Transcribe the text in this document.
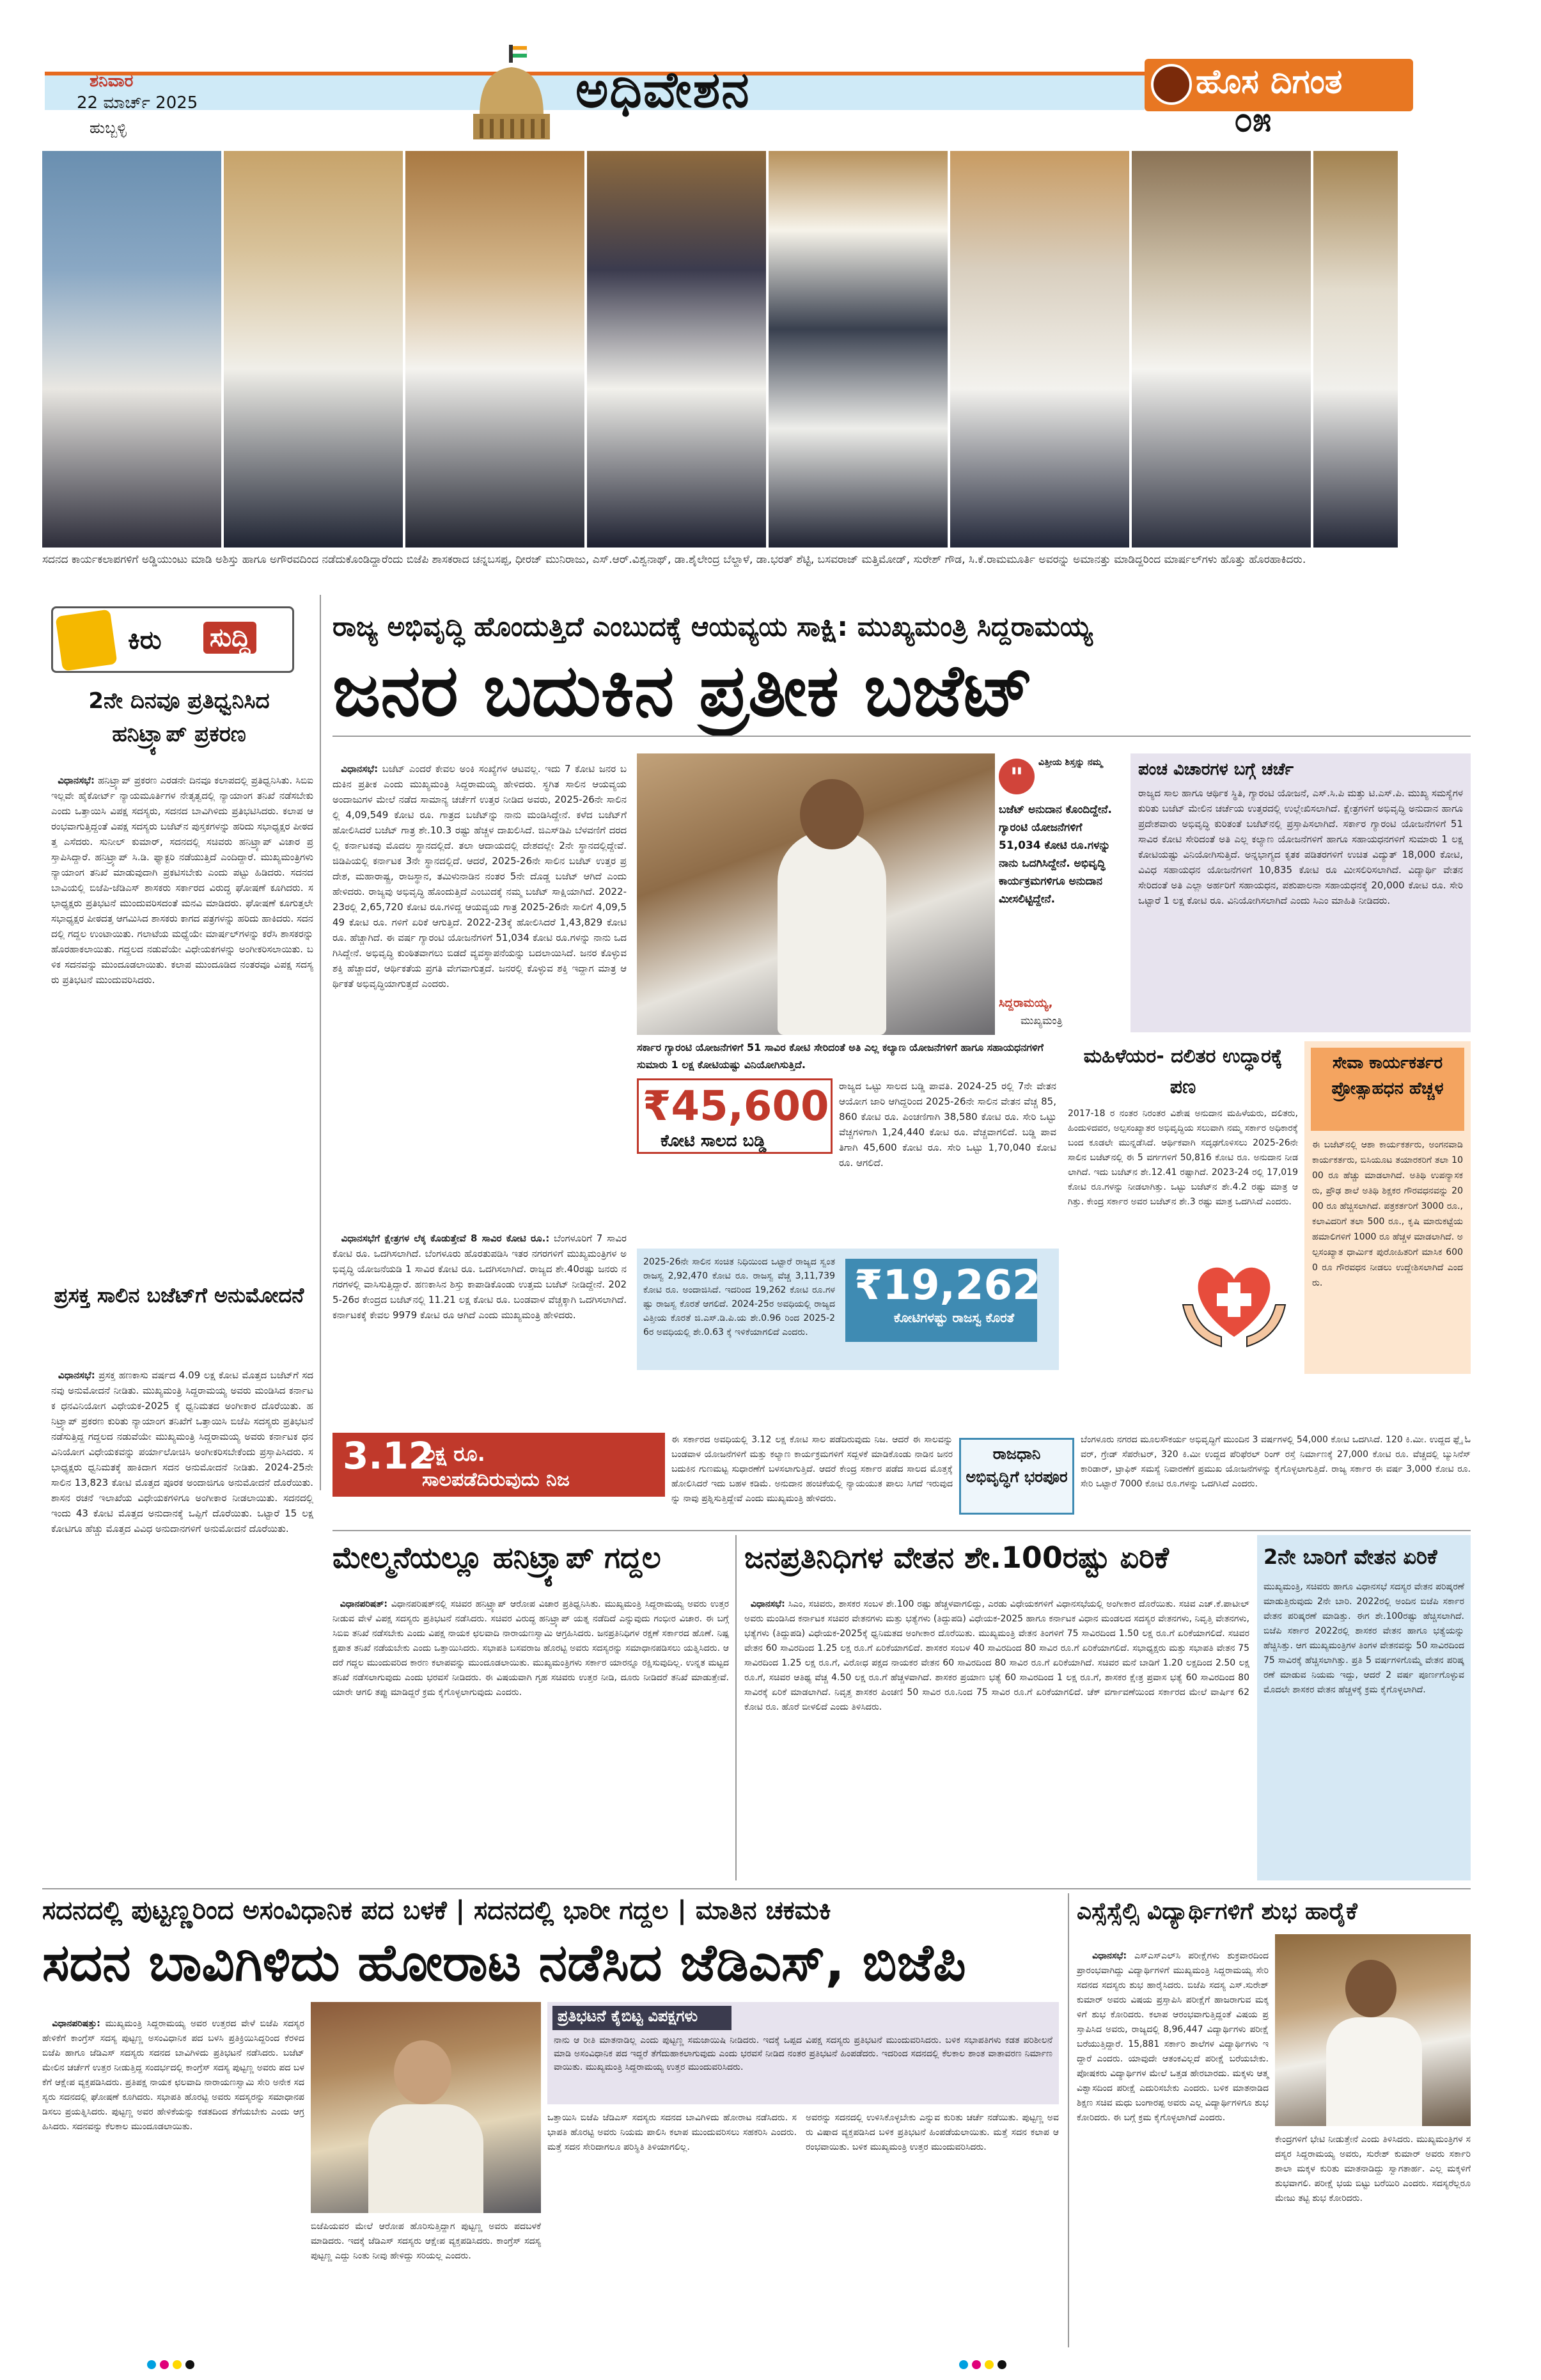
ಶನಿವಾರ
22 ಮಾರ್ಚ್ 2025
ಹುಬ್ಬಳ್ಳಿ
ಅಧಿವೇಶನ	ಹೊಸ ದಿಗಂತ
೦೫
ಸದನದ ಕಾರ್ಯಕಲಾಪಗಳಿಗೆ ಅಡ್ಡಿಯುಂಟು ಮಾಡಿ ಅಶಿಸ್ತು ಹಾಗೂ ಅಗೌರವದಿಂದ ನಡೆದುಕೊಂಡಿದ್ದಾರೆಂದು ಬಿಜೆಪಿ ಶಾಸಕರಾದ ಚನ್ನಬಸಪ್ಪ, ಧೀರಜ್ ಮುನಿರಾಜು, ಎಸ್.ಆರ್.ವಿಶ್ವನಾಥ್, ಡಾ.ಶೈಲೇಂದ್ರ ಬೆಲ್ದಾಳೆ, ಡಾ.ಭರತ್ ಶೆಟ್ಟಿ, ಬಸವರಾಜ್ ಮತ್ತಿಮೋಡ್, ಸುರೇಶ್ ಗೌಡ, ಸಿ.ಕೆ.ರಾಮಮೂರ್ತಿ ಅವರನ್ನು ಅಮಾನತ್ತು ಮಾಡಿದ್ದರಿಂದ ಮಾರ್ಷಲ್‌ಗಳು ಹೊತ್ತು ಹೊರಹಾಕಿದರು.
ಕಿರು ಸುದ್ದಿ
2ನೇ ದಿನವೂ ಪ್ರತಿಧ್ವನಿಸಿದ ಹನಿಟ್ರ್ಯಾಪ್ ಪ್ರಕರಣ

ವಿಧಾನಸಭೆ: ಹನಿಟ್ರ್ಯಾಪ್ ಪ್ರಕರಣ ಎರಡನೇ ದಿನವೂ ಕಲಾಪದಲ್ಲಿ ಪ್ರತಿಧ್ವನಿಸಿತು. ಸಿಬಿಐ ಇಲ್ಲವೇ ಹೈಕೋರ್ಟ್ ನ್ಯಾಯಮೂರ್ತಿಗಳ ನೇತೃತ್ವದಲ್ಲಿ ನ್ಯಾಯಾಂಗ ತನಿಖೆ ನಡೆಸಬೇಕು ಎಂದು ಒತ್ತಾಯಿಸಿ ವಿಪಕ್ಷ ಸದಸ್ಯರು, ಸದನದ ಬಾವಿಗಿಳಿದು ಪ್ರತಿಭಟಿಸಿದರು. ಕಲಾಪ ಆರಂಭವಾಗುತ್ತಿದ್ದಂತೆ ವಿಪಕ್ಷ ಸದಸ್ಯರು ಬಜೆಟ್‌ನ ಪುಸ್ತಕಗಳನ್ನು ಹರಿದು ಸಭಾಧ್ಯಕ್ಷರ ಪೀಠದತ್ತ ಎಸೆದರು. ಸುನೀಲ್ ಕುಮಾರ್, ಸದನದಲ್ಲಿ ಸಚಿವರು ಹನಿಟ್ರ್ಯಾಪ್ ವಿಚಾರ ಪ್ರಸ್ತಾಪಿಸಿದ್ದಾರೆ. ಹನಿಟ್ರ್ಯಾಪ್ ಸಿ.ಡಿ. ಫ್ಯಾಕ್ಟರಿ ನಡೆಯುತ್ತಿದೆ ಎಂದಿದ್ದಾರೆ. ಮುಖ್ಯಮಂತ್ರಿಗಳು ನ್ಯಾಯಾಂಗ ತನಿಖೆ ಮಾಡುವುದಾಗಿ ಪ್ರಕಟಿಸಬೇಕು ಎಂದು ಪಟ್ಟು ಹಿಡಿದರು. ಸದನದ ಬಾವಿಯಲ್ಲಿ ಬಿಜೆಪಿ-ಜೆಡಿಎಸ್ ಶಾಸಕರು ಸರ್ಕಾರದ ವಿರುದ್ಧ ಘೋಷಣೆ ಕೂಗಿದರು. ಸಭಾಧ್ಯಕ್ಷರು ಪ್ರತಿಭಟನೆ ಮುಂದುವರಿಸದಂತೆ ಮನವಿ ಮಾಡಿದರು. ಘೋಷಣೆ ಕೂಗುತ್ತಲೇ ಸಭಾಧ್ಯಕ್ಷರ ಪೀಠದತ್ತ ಆಗಮಿಸಿದ ಶಾಸಕರು ಕಾಗದ ಪತ್ರಗಳನ್ನು ಹರಿದು ಹಾಕಿದರು. ಸದನದಲ್ಲಿ ಗದ್ದಲ ಉಂಟಾಯಿತು. ಗಲಾಟೆಯ ಮಧ್ಯೆಯೇ ಮಾರ್ಷಲ್‌ಗಳನ್ನು ಕರೆಸಿ ಶಾಸಕರನ್ನು ಹೊರಹಾಕಲಾಯಿತು. ಗದ್ದಲದ ನಡುವೆಯೇ ವಿಧೇಯಕಗಳನ್ನು ಅಂಗೀಕರಿಸಲಾಯಿತು. ಬಳಿಕ ಸದನವನ್ನು ಮುಂದೂಡಲಾಯಿತು. ಕಲಾಪ ಮುಂದೂಡಿದ ನಂತರವೂ ವಿಪಕ್ಷ ಸದಸ್ಯರು ಪ್ರತಿಭಟನೆ ಮುಂದುವರಿಸಿದರು.

ಪ್ರಸಕ್ತ ಸಾಲಿನ ಬಜೆಟ್‌ಗೆ ಅನುಮೋದನೆ

ವಿಧಾನಸಭೆ: ಪ್ರಸಕ್ತ ಹಣಕಾಸು ವರ್ಷದ 4.09 ಲಕ್ಷ ಕೋಟಿ ಮೊತ್ತದ ಬಜೆಟ್‌ಗೆ ಸದನವು ಅನುಮೋದನೆ ನೀಡಿತು. ಮುಖ್ಯಮಂತ್ರಿ ಸಿದ್ದರಾಮಯ್ಯ ಅವರು ಮಂಡಿಸಿದ ಕರ್ನಾಟಕ ಧನವಿನಿಯೋಗ ವಿಧೇಯಕ-2025 ಕ್ಕೆ ಧ್ವನಿಮತದ ಅಂಗೀಕಾರ ದೊರೆಯಿತು. ಹನಿಟ್ರ್ಯಾಪ್ ಪ್ರಕರಣ ಕುರಿತು ನ್ಯಾಯಾಂಗ ತನಿಖೆಗೆ ಒತ್ತಾಯಿಸಿ ಬಿಜೆಪಿ ಸದಸ್ಯರು ಪ್ರತಿಭಟನೆ ನಡೆಸುತ್ತಿದ್ದ ಗದ್ದಲದ ನಡುವೆಯೇ ಮುಖ್ಯಮಂತ್ರಿ ಸಿದ್ದರಾಮಯ್ಯ ಅವರು ಕರ್ನಾಟಕ ಧನವಿನಿಯೋಗ ವಿಧೇಯಕವನ್ನು ಪರ್ಯಾಲೋಚಿಸಿ ಅಂಗೀಕರಿಸಬೇಕೆಂದು ಪ್ರಸ್ತಾಪಿಸಿದರು. ಸಭಾಧ್ಯಕ್ಷರು ಧ್ವನಿಮತಕ್ಕೆ ಹಾಕಿದಾಗ ಸದನ ಅನುಮೋದನೆ ನೀಡಿತು. 2024-25ನೇ ಸಾಲಿನ 13,823 ಕೋಟಿ ಮೊತ್ತದ ಪೂರಕ ಅಂದಾಜಿಗೂ ಅನುಮೋದನೆ ದೊರೆಯಿತು. ಶಾಸನ ರಚನೆ ಇಲಾಖೆಯ ವಿಧೇಯಕಗಳಿಗೂ ಅಂಗೀಕಾರ ನೀಡಲಾಯಿತು. ಸದನದಲ್ಲಿ ಇಂದು 43 ಕೋಟಿ ಮೊತ್ತದ ಅನುದಾನಕ್ಕೆ ಒಪ್ಪಿಗೆ ದೊರೆಯಿತು. ಒಟ್ಟಾರೆ 15 ಲಕ್ಷ ಕೋಟಿಗೂ ಹೆಚ್ಚು ಮೊತ್ತದ ವಿವಿಧ ಅನುದಾನಗಳಿಗೆ ಅನುಮೋದನೆ ದೊರೆಯಿತು.

ರಾಜ್ಯ ಅಭಿವೃದ್ಧಿ ಹೊಂದುತ್ತಿದೆ ಎಂಬುದಕ್ಕೆ ಆಯವ್ಯಯ ಸಾಕ್ಷಿ: ಮುಖ್ಯಮಂತ್ರಿ ಸಿದ್ದರಾಮಯ್ಯ
ಜನರ ಬದುಕಿನ ಪ್ರತೀಕ ಬಜೆಟ್

ವಿಧಾನಸಭೆ: ಬಜೆಟ್ ಎಂದರೆ ಕೇವಲ ಅಂಕಿ ಸಂಖ್ಯೆಗಳ ಆಟವಲ್ಲ. ಇದು 7 ಕೋಟಿ ಜನರ ಬದುಕಿನ ಪ್ರತೀಕ ಎಂದು ಮುಖ್ಯಮಂತ್ರಿ ಸಿದ್ದರಾಮಯ್ಯ ಹೇಳಿದರು. ಸ್ಥಗಿತ ಸಾಲಿನ ಆಯವ್ಯಯ ಅಂದಾಜುಗಳ ಮೇಲೆ ನಡೆದ ಸಾಮಾನ್ಯ ಚರ್ಚೆಗೆ ಉತ್ತರ ನೀಡಿದ ಅವರು, 2025-26ನೇ ಸಾಲಿನಲ್ಲಿ 4,09,549 ಕೋಟಿ ರೂ. ಗಾತ್ರದ ಬಜೆಟ್‌ನ್ನು ನಾನು ಮಂಡಿಸಿದ್ದೇನೆ. ಕಳೆದ ಬಜೆಟ್‌ಗೆ ಹೋಲಿಸಿದರೆ ಬಜೆಟ್ ಗಾತ್ರ ಶೇ.10.3 ರಷ್ಟು ಹೆಚ್ಚಳ ದಾಖಲಿಸಿದೆ. ಜಿಎಸ್‌ಡಿಪಿ ಬೆಳವಣಿಗೆ ದರದಲ್ಲಿ ಕರ್ನಾಟಕವು ಮೊದಲ ಸ್ಥಾನದಲ್ಲಿದೆ. ತಲಾ ಆದಾಯದಲ್ಲಿ ದೇಶದಲ್ಲೇ 2ನೇ ಸ್ಥಾನದಲ್ಲಿದ್ದೇವೆ. ಜಿಡಿಪಿಯಲ್ಲಿ ಕರ್ನಾಟಕ 3ನೇ ಸ್ಥಾನದಲ್ಲಿದೆ. ಆದರೆ, 2025-26ನೇ ಸಾಲಿನ ಬಜೆಟ್ ಉತ್ತರ ಪ್ರದೇಶ, ಮಹಾರಾಷ್ಟ್ರ, ರಾಜಸ್ಥಾನ, ತಮಿಳುನಾಡಿನ ನಂತರ 5ನೇ ದೊಡ್ಡ ಬಜೆಟ್ ಆಗಿದೆ ಎಂದು ಹೇಳಿದರು. ರಾಜ್ಯವು ಅಭಿವೃದ್ಧಿ ಹೊಂದುತ್ತಿದೆ ಎಂಬುದಕ್ಕೆ ನಮ್ಮ ಬಜೆಟ್ ಸಾಕ್ಷಿಯಾಗಿದೆ. 2022-23ರಲ್ಲಿ 2,65,720 ಕೋಟಿ ರೂ.ಗಳಿದ್ದ ಆಯವ್ಯಯ ಗಾತ್ರ 2025-26ನೇ ಸಾಲಿಗೆ 4,09,549 ಕೋಟಿ ರೂ. ಗಳಿಗೆ ಏರಿಕೆ ಆಗುತ್ತಿದೆ. 2022-23ಕ್ಕೆ ಹೋಲಿಸಿದರೆ 1,43,829 ಕೋಟಿ ರೂ. ಹೆಚ್ಚಾಗಿದೆ. ಈ ವರ್ಷ ಗ್ಯಾರಂಟಿ ಯೋಜನೆಗಳಿಗೆ 51,034 ಕೋಟಿ ರೂ.ಗಳನ್ನು ನಾನು ಒದಗಿಸಿದ್ದೇನೆ. ಅಭಿವೃದ್ಧಿ ಕುಂಠಿತವಾಗಲು ಬಿಡದೆ ವ್ಯವಸ್ಥಾಪನೆಯನ್ನು ಬದಲಾಯಿಸಿದೆ. ಜನರ ಕೊಳ್ಳುವ ಶಕ್ತಿ ಹೆಚ್ಚಾದರೆ, ಆರ್ಥಿಕತೆಯ ಪ್ರಗತಿ ವೇಗವಾಗುತ್ತದೆ. ಜನರಲ್ಲಿ ಕೊಳ್ಳುವ ಶಕ್ತಿ ಇದ್ದಾಗ ಮಾತ್ರ ಆರ್ಥಿಕತೆ ಅಭಿವೃದ್ಧಿಯಾಗುತ್ತದೆ ಎಂದರು.

ವಿಧಾನಸಭೆಗೆ ಕ್ಷೇತ್ರಗಳ ಲೆಕ್ಕ ಕೊಡುತ್ತೇವೆ 8 ಸಾವಿರ ಕೋಟಿ ರೂ.: ಬೆಂಗಳೂರಿಗೆ 7 ಸಾವಿರ ಕೋಟಿ ರೂ. ಒದಗಿಸಲಾಗಿದೆ. ಬೆಂಗಳೂರು ಹೊರತುಪಡಿಸಿ ಇತರ ನಗರಗಳಿಗೆ ಮುಖ್ಯಮಂತ್ರಿಗಳ ಅಭಿವೃದ್ಧಿ ಯೋಜನೆಯಡಿ 1 ಸಾವಿರ ಕೋಟಿ ರೂ. ಒದಗಿಸಲಾಗಿದೆ. ರಾಜ್ಯದ ಶೇ.40ರಷ್ಟು ಜನರು ನಗರಗಳಲ್ಲಿ ವಾಸಿಸುತ್ತಿದ್ದಾರೆ. ಹಣಕಾಸಿನ ಶಿಸ್ತು ಕಾಪಾಡಿಕೊಂಡು ಉತ್ತಮ ಬಜೆಟ್ ನೀಡಿದ್ದೇನೆ. 2025-26ರ ಕೇಂದ್ರದ ಬಜೆಟ್‌ನಲ್ಲಿ 11.21 ಲಕ್ಷ ಕೋಟಿ ರೂ. ಬಂಡವಾಳ ವೆಚ್ಚಕ್ಕಾಗಿ ಒದಗಿಸಲಾಗಿದೆ. ಕರ್ನಾಟಕಕ್ಕೆ ಕೇವಲ 9979 ಕೋಟಿ ರೂ ಆಗಿದೆ ಎಂದು ಮುಖ್ಯಮಂತ್ರಿ ಹೇಳಿದರು.

"
ವಿತ್ತೀಯ ಶಿಸ್ತನ್ನು ನಮ್ಮ
ಬಜೆಟ್ ಅನುದಾನ ಕೊಂದಿದ್ದೇನೆ. ಗ್ಯಾರಂಟಿ ಯೋಜನೆಗಳಿಗೆ 51,034 ಕೋಟಿ ರೂ.ಗಳನ್ನು ನಾನು ಒದಗಿಸಿದ್ದೇನೆ. ಅಭಿವೃದ್ಧಿ ಕಾರ್ಯಕ್ರಮಗಳಿಗೂ ಅನುದಾನ ಮೀಸಲಿಟ್ಟಿದ್ದೇನೆ.
ಸಿದ್ದರಾಮಯ್ಯ,
ಮುಖ್ಯಮಂತ್ರಿ
ಪಂಚ ವಿಚಾರಗಳ ಬಗ್ಗೆ ಚರ್ಚೆ
ರಾಜ್ಯದ ಸಾಲ ಹಾಗೂ ಆರ್ಥಿಕ ಸ್ಥಿತಿ, ಗ್ಯಾರಂಟಿ ಯೋಜನೆ, ಎಸ್.ಸಿ.ಪಿ ಮತ್ತು ಟಿ.ಎಸ್.ಪಿ. ಮುಖ್ಯ ಸಮಸ್ಯೆಗಳ ಕುರಿತು ಬಜೆಟ್ ಮೇಲಿನ ಚರ್ಚೆಯ ಉತ್ತರದಲ್ಲಿ ಉಲ್ಲೇಖಿಸಲಾಗಿದೆ. ಕ್ಷೇತ್ರಗಳಿಗೆ ಅಭಿವೃದ್ಧಿ ಅನುದಾನ ಹಾಗೂ ಪ್ರದೇಶವಾರು ಅಭಿವೃದ್ಧಿ ಕುರಿತಂತೆ ಬಜೆಟ್‌ನಲ್ಲಿ ಪ್ರಸ್ತಾಪಿಸಲಾಗಿದೆ. ಸರ್ಕಾರ ಗ್ಯಾರಂಟಿ ಯೋಜನೆಗಳಿಗೆ 51 ಸಾವಿರ ಕೋಟಿ ಸೇರಿದಂತೆ ಅತಿ ಎಲ್ಲ ಕಲ್ಯಾಣ ಯೋಜನೆಗಳಿಗೆ ಹಾಗೂ ಸಹಾಯಧನಗಳಿಗೆ ಸುಮಾರು 1 ಲಕ್ಷ ಕೋಟಿಯಷ್ಟು ವಿನಿಯೋಗಿಸುತ್ತಿದೆ. ಅನ್ನಭಾಗ್ಯದ ಕೃತಕ ಪಡಿತರಗಳಿಗೆ ಉಚಿತ ವಿದ್ಯುತ್ 18,000 ಕೋಟಿ, ವಿವಿಧ ಸಹಾಯಧನ ಯೋಜನೆಗಳಿಗೆ 10,835 ಕೋಟಿ ರೂ ಮೀಸಲಿರಿಸಲಾಗಿದೆ. ವಿದ್ಯಾರ್ಥಿ ವೇತನ ಸೇರಿದಂತೆ ಅತಿ ಎಲ್ಲಾ ಅರ್ಹರಿಗೆ ಸಹಾಯಧನ, ಪಶುಪಾಲನಾ ಸಹಾಯಧನಕ್ಕೆ 20,000 ಕೋಟಿ ರೂ. ಸೇರಿ ಒಟ್ಟಾರೆ 1 ಲಕ್ಷ ಕೋಟಿ ರೂ. ವಿನಿಯೋಗಿಸಲಾಗಿದೆ ಎಂದು ಸಿಎಂ ಮಾಹಿತಿ ನೀಡಿದರು.
ಸರ್ಕಾರ ಗ್ಯಾರಂಟಿ ಯೋಜನೆಗಳಿಗೆ 51 ಸಾವಿರ ಕೋಟಿ ಸೇರಿದಂತೆ ಅತಿ ಎಲ್ಲ ಕಲ್ಯಾಣ ಯೋಜನೆಗಳಿಗೆ ಹಾಗೂ ಸಹಾಯಧನಗಳಿಗೆ ಸುಮಾರು 1 ಲಕ್ಷ ಕೋಟಿಯಷ್ಟು ವಿನಿಯೋಗಿಸುತ್ತಿದೆ.
₹45,600
ಕೋಟಿ ಸಾಲದ ಬಡ್ಡಿ
ರಾಜ್ಯದ ಒಟ್ಟು ಸಾಲದ ಬಡ್ಡಿ ಪಾವತಿ. 2024-25 ರಲ್ಲಿ 7ನೇ ವೇತನ ಆಯೋಗ ಜಾರಿ ಆಗಿದ್ದರಿಂದ 2025-26ನೇ ಸಾಲಿನ ವೇತನ ವೆಚ್ಚ 85,860 ಕೋಟಿ ರೂ. ಪಿಂಚಣಿಗಾಗಿ 38,580 ಕೋಟಿ ರೂ. ಸೇರಿ ಒಟ್ಟು ವೆಚ್ಚಗಳಿಗಾಗಿ 1,24,440 ಕೋಟಿ ರೂ. ವೆಚ್ಚವಾಗಲಿದೆ. ಬಡ್ಡಿ ಪಾವತಿಗಾಗಿ 45,600 ಕೋಟಿ ರೂ. ಸೇರಿ ಒಟ್ಟು 1,70,040 ಕೋಟಿ ರೂ. ಆಗಲಿದೆ.
2025-26ನೇ ಸಾಲಿನ ಸಂಚಿತ ನಿಧಿಯಿಂದ ಒಟ್ಟಾರೆ ರಾಜ್ಯದ ಸ್ವಂತ ರಾಜಸ್ವ 2,92,470 ಕೋಟಿ ರೂ. ರಾಜಸ್ವ ವೆಚ್ಚ 3,11,739 ಕೋಟಿ ರೂ. ಅಂದಾಜಿಸಿದೆ. ಇದರಿಂದ 19,262 ಕೋಟಿ ರೂ.ಗಳಷ್ಟು ರಾಜಸ್ವ ಕೊರತೆ ಆಗಲಿದೆ. 2024-25ರ ಅವಧಿಯಲ್ಲಿ ರಾಜ್ಯದ ವಿತ್ತೀಯ ಕೊರತೆ ಜಿ.ಎಸ್.ಡಿ.ಪಿ.ಯ ಶೇ.0.96 ರಿಂದ 2025-26ರ ಅವಧಿಯಲ್ಲಿ ಶೇ.0.63 ಕ್ಕೆ ಇಳಿಕೆಯಾಗಲಿದೆ ಎಂದರು.
₹19,262
ಕೋಟಿಗಳಷ್ಟು ರಾಜಸ್ವ ಕೊರತೆ
ಮಹಿಳೆಯರ- ದಲಿತರ ಉದ್ಧಾರಕ್ಕೆ ಪಣ
2017-18 ರ ನಂತರ ನಿರಂತರ ವಿಶೇಷ ಅನುದಾನ ಮಹಿಳೆಯರು, ದಲಿತರು, ಹಿಂದುಳಿದವರ, ಅಲ್ಪಸಂಖ್ಯಾತರ ಅಭಿವೃದ್ಧಿಯ ಸಲುವಾಗಿ ನಮ್ಮ ಸರ್ಕಾರ ಅಧಿಕಾರಕ್ಕೆ ಬಂದ ಕೂಡಲೇ ಮುನ್ನಡೆಸಿದೆ. ಆರ್ಥಿಕವಾಗಿ ಸದೃಢಗೊಳಿಸಲು 2025-26ನೇ ಸಾಲಿನ ಬಜೆಟ್‌ನಲ್ಲಿ ಈ 5 ವರ್ಗಗಳಿಗೆ 50,816 ಕೋಟಿ ರೂ. ಅನುದಾನ ನೀಡಲಾಗಿದೆ. ಇದು ಬಜೆಟ್‌ನ ಶೇ.12.41 ರಷ್ಟಾಗಿದೆ. 2023-24 ರಲ್ಲಿ 17,019 ಕೋಟಿ ರೂ.ಗಳನ್ನು ನೀಡಲಾಗಿತ್ತು. ಒಟ್ಟು ಬಜೆಟ್‌ನ ಶೇ.4.2 ರಷ್ಟು ಮಾತ್ರ ಆಗಿತ್ತು. ಕೇಂದ್ರ ಸರ್ಕಾರ ಅವರ ಬಜೆಟ್‌ನ ಶೇ.3 ರಷ್ಟು ಮಾತ್ರ ಒದಗಿಸಿದೆ ಎಂದರು.
ಸೇವಾ ಕಾರ್ಯಕರ್ತರ ಪ್ರೋತ್ಸಾಹಧನ ಹೆಚ್ಚಳ
ಈ ಬಜೆಟ್‌ನಲ್ಲಿ ಆಶಾ ಕಾರ್ಯಕರ್ತರು, ಅಂಗನವಾಡಿ ಕಾರ್ಯಕರ್ತರು, ಬಿಸಿಯೂಟ ತಯಾರಕರಿಗೆ ತಲಾ 1000 ರೂ ಹೆಚ್ಚು ಮಾಡಲಾಗಿದೆ. ಅತಿಥಿ ಉಪನ್ಯಾಸಕರು, ಪ್ರೌಢ ಶಾಲೆ ಅತಿಥಿ ಶಿಕ್ಷಕರ ಗೌರವಧನವನ್ನು 2000 ರೂ ಹೆಚ್ಚಿಸಲಾಗಿದೆ. ಪತ್ರಕರ್ತರಿಗೆ 3000 ರೂ., ಕಲಾವಿದರಿಗೆ ತಲಾ 500 ರೂ., ಕೃಷಿ ಮಾರುಕಟ್ಟೆಯ ಹಮಾಲಿಗಳಿಗೆ 1000 ರೂ ಹೆಚ್ಚಳ ಮಾಡಲಾಗಿದೆ. ಅಲ್ಪಸಂಖ್ಯಾತ ಧಾರ್ಮಿಕ ಪುರೋಹಿತರಿಗೆ ಮಾಸಿಕ 6000 ರೂ ಗೌರವಧನ ನೀಡಲು ಉದ್ದೇಶಿಸಲಾಗಿದೆ ಎಂದರು.
3.12
ಲಕ್ಷ ರೂ.
ಸಾಲಪಡೆದಿರುವುದು ನಿಜ
ಈ ಸರ್ಕಾರದ ಅವಧಿಯಲ್ಲಿ 3.12 ಲಕ್ಷ ಕೋಟಿ ಸಾಲ ಪಡೆದಿರುವುದು ನಿಜ. ಆದರೆ ಈ ಸಾಲವನ್ನು ಬಂಡವಾಳ ಯೋಜನೆಗಳಿಗೆ ಮತ್ತು ಕಲ್ಯಾಣ ಕಾರ್ಯಕ್ರಮಗಳಿಗೆ ಸದ್ಬಳಕೆ ಮಾಡಿಕೊಂಡು ನಾಡಿನ ಜನರ ಬದುಕಿನ ಗುಣಮಟ್ಟ ಸುಧಾರಣೆಗೆ ಬಳಸಲಾಗುತ್ತಿದೆ. ಆದರೆ ಕೇಂದ್ರ ಸರ್ಕಾರ ಪಡೆದ ಸಾಲದ ಮೊತ್ತಕ್ಕೆ ಹೋಲಿಸಿದರೆ ಇದು ಬಹಳ ಕಡಿಮೆ. ಅನುದಾನ ಹಂಚಿಕೆಯಲ್ಲಿ ನ್ಯಾಯಯುತ ಪಾಲು ಸಿಗದೆ ಇರುವುದನ್ನು ನಾವು ಪ್ರಶ್ನಿಸುತ್ತಿದ್ದೇವೆ ಎಂದು ಮುಖ್ಯಮಂತ್ರಿ ಹೇಳಿದರು.
ರಾಜಧಾನಿ ಅಭಿವೃದ್ಧಿಗೆ ಭರಪೂರ
ಬೆಂಗಳೂರು ನಗರದ ಮೂಲಸೌಕರ್ಯ ಅಭಿವೃದ್ಧಿಗೆ ಮುಂದಿನ 3 ವರ್ಷಗಳಲ್ಲಿ 54,000 ಕೋಟಿ ಒದಗಿಸಿದೆ. 120 ಕಿ.ಮೀ. ಉದ್ದದ ಫ್ಲೈ ಓವರ್, ಗ್ರೇಡ್ ಸೆಪರೇಟರ್, 320 ಕಿ.ಮೀ ಉದ್ದದ ಪೆರಿಫೆರಲ್ ರಿಂಗ್ ರಸ್ತೆ ನಿರ್ಮಾಣಕ್ಕೆ 27,000 ಕೋಟಿ ರೂ. ವೆಚ್ಚದಲ್ಲಿ ಬ್ಯುಸಿನೆಸ್ ಕಾರಿಡಾರ್, ಟ್ರಾಫಿಕ್ ಸಮಸ್ಯೆ ನಿವಾರಣೆಗೆ ಪ್ರಮುಖ ಯೋಜನೆಗಳನ್ನು ಕೈಗೊಳ್ಳಲಾಗುತ್ತಿದೆ. ರಾಜ್ಯ ಸರ್ಕಾರ ಈ ವರ್ಷ 3,000 ಕೋಟಿ ರೂ. ಸೇರಿ ಒಟ್ಟಾರೆ 7000 ಕೋಟಿ ರೂ.ಗಳನ್ನು ಒದಗಿಸಿದೆ ಎಂದರು.
ಮೇಲ್ಮನೆಯಲ್ಲೂ ಹನಿಟ್ರ್ಯಾಪ್ ಗದ್ದಲ

ವಿಧಾನಪರಿಷತ್: ವಿಧಾನಪರಿಷತ್‌ನಲ್ಲಿ ಸಚಿವರ ಹನಿಟ್ರ್ಯಾಪ್ ಆರೋಪ ವಿಚಾರ ಪ್ರತಿಧ್ವನಿಸಿತು. ಮುಖ್ಯಮಂತ್ರಿ ಸಿದ್ದರಾಮಯ್ಯ ಅವರು ಉತ್ತರ ನೀಡುವ ವೇಳೆ ವಿಪಕ್ಷ ಸದಸ್ಯರು ಪ್ರತಿಭಟನೆ ನಡೆಸಿದರು. ಸಚಿವರ ವಿರುದ್ಧ ಹನಿಟ್ರ್ಯಾಪ್ ಯತ್ನ ನಡೆದಿದೆ ಎನ್ನುವುದು ಗಂಭೀರ ವಿಚಾರ. ಈ ಬಗ್ಗೆ ಸಿಬಿಐ ತನಿಖೆ ನಡೆಸಬೇಕು ಎಂದು ವಿಪಕ್ಷ ನಾಯಕ ಛಲವಾದಿ ನಾರಾಯಣಸ್ವಾಮಿ ಆಗ್ರಹಿಸಿದರು. ಜನಪ್ರತಿನಿಧಿಗಳ ರಕ್ಷಣೆ ಸರ್ಕಾರದ ಹೊಣೆ. ನಿಷ್ಪಕ್ಷಪಾತ ತನಿಖೆ ನಡೆಯಬೇಕು ಎಂದು ಒತ್ತಾಯಿಸಿದರು. ಸಭಾಪತಿ ಬಸವರಾಜ ಹೊರಟ್ಟಿ ಅವರು ಸದಸ್ಯರನ್ನು ಸಮಾಧಾನಪಡಿಸಲು ಯತ್ನಿಸಿದರು. ಆದರೆ ಗದ್ದಲ ಮುಂದುವರಿದ ಕಾರಣ ಕಲಾಪವನ್ನು ಮುಂದೂಡಲಾಯಿತು. ಮುಖ್ಯಮಂತ್ರಿಗಳು ಸರ್ಕಾರ ಯಾರನ್ನೂ ರಕ್ಷಿಸುವುದಿಲ್ಲ. ಉನ್ನತ ಮಟ್ಟದ ತನಿಖೆ ನಡೆಸಲಾಗುವುದು ಎಂದು ಭರವಸೆ ನೀಡಿದರು. ಈ ವಿಷಯವಾಗಿ ಗೃಹ ಸಚಿವರು ಉತ್ತರ ನೀಡಿ, ದೂರು ನೀಡಿದರೆ ತನಿಖೆ ಮಾಡುತ್ತೇವೆ. ಯಾರೇ ಆಗಲಿ ತಪ್ಪು ಮಾಡಿದ್ದರೆ ಕ್ರಮ ಕೈಗೊಳ್ಳಲಾಗುವುದು ಎಂದರು.

ಜನಪ್ರತಿನಿಧಿಗಳ ವೇತನ ಶೇ.100ರಷ್ಟು ಏರಿಕೆ

ವಿಧಾನಸಭೆ: ಸಿಎಂ, ಸಚಿವರು, ಶಾಸಕರ ಸಂಬಳ ಶೇ.100 ರಷ್ಟು ಹೆಚ್ಚಳವಾಗಲಿದ್ದು, ಎರಡು ವಿಧೇಯಕಗಳಿಗೆ ವಿಧಾನಸಭೆಯಲ್ಲಿ ಅಂಗೀಕಾರ ದೊರೆಯಿತು. ಸಚಿವ ಎಚ್.ಕೆ.ಪಾಟೀಲ್ ಅವರು ಮಂಡಿಸಿದ ಕರ್ನಾಟಕ ಸಚಿವರ ವೇತನಗಳು ಮತ್ತು ಭತ್ಯೆಗಳು (ತಿದ್ದುಪಡಿ) ವಿಧೇಯಕ-2025 ಹಾಗೂ ಕರ್ನಾಟಕ ವಿಧಾನ ಮಂಡಲದ ಸದಸ್ಯರ ವೇತನಗಳು, ನಿವೃತ್ತಿ ವೇತನಗಳು, ಭತ್ಯೆಗಳು (ತಿದ್ದುಪಡಿ) ವಿಧೇಯಕ-2025ಕ್ಕೆ ಧ್ವನಿಮತದ ಅಂಗೀಕಾರ ದೊರೆಯಿತು. ಮುಖ್ಯಮಂತ್ರಿ ವೇತನ ತಿಂಗಳಿಗೆ 75 ಸಾವಿರದಿಂದ 1.50 ಲಕ್ಷ ರೂ.ಗೆ ಏರಿಕೆಯಾಗಲಿದೆ. ಸಚಿವರ ವೇತನ 60 ಸಾವಿರದಿಂದ 1.25 ಲಕ್ಷ ರೂ.ಗೆ ಏರಿಕೆಯಾಗಲಿದೆ. ಶಾಸಕರ ಸಂಬಳ 40 ಸಾವಿರದಿಂದ 80 ಸಾವಿರ ರೂ.ಗೆ ಏರಿಕೆಯಾಗಲಿದೆ. ಸಭಾಧ್ಯಕ್ಷರು ಮತ್ತು ಸಭಾಪತಿ ವೇತನ 75 ಸಾವಿರದಿಂದ 1.25 ಲಕ್ಷ ರೂ.ಗೆ, ವಿರೋಧ ಪಕ್ಷದ ನಾಯಕರ ವೇತನ 60 ಸಾವಿರದಿಂದ 80 ಸಾವಿರ ರೂ.ಗೆ ಏರಿಕೆಯಾಗಿದೆ. ಸಚಿವರ ಮನೆ ಬಾಡಿಗೆ 1.20 ಲಕ್ಷದಿಂದ 2.50 ಲಕ್ಷ ರೂ.ಗೆ, ಸಚಿವರ ಆತಿಥ್ಯ ವೆಚ್ಚ 4.50 ಲಕ್ಷ ರೂ.ಗೆ ಹೆಚ್ಚಳವಾಗಿದೆ. ಶಾಸಕರ ಪ್ರಯಾಣ ಭತ್ಯೆ 60 ಸಾವಿರದಿಂದ 1 ಲಕ್ಷ ರೂ.ಗೆ, ಶಾಸಕರ ಕ್ಷೇತ್ರ ಪ್ರವಾಸ ಭತ್ಯೆ 60 ಸಾವಿರದಿಂದ 80 ಸಾವಿರಕ್ಕೆ ಏರಿಕೆ ಮಾಡಲಾಗಿದೆ. ನಿವೃತ್ತ ಶಾಸಕರ ಪಿಂಚಣಿ 50 ಸಾವಿರ ರೂ.ನಿಂದ 75 ಸಾವಿರ ರೂ.ಗೆ ಏರಿಕೆಯಾಗಲಿದೆ. ಚೆಕ್ ವರ್ಗಾವಣೆಯಿಂದ ಸರ್ಕಾರದ ಮೇಲೆ ವಾರ್ಷಿಕ 62 ಕೋಟಿ ರೂ. ಹೊರೆ ಬೀಳಲಿದೆ ಎಂದು ತಿಳಿಸಿದರು.

2ನೇ ಬಾರಿಗೆ ವೇತನ ಏರಿಕೆ
ಮುಖ್ಯಮಂತ್ರಿ, ಸಚಿವರು ಹಾಗೂ ವಿಧಾನಸಭೆ ಸದಸ್ಯರ ವೇತನ ಪರಿಷ್ಕರಣೆ ಮಾಡುತ್ತಿರುವುದು 2ನೇ ಬಾರಿ. 2022ರಲ್ಲಿ ಅಂದಿನ ಬಿಜೆಪಿ ಸರ್ಕಾರ ವೇತನ ಪರಿಷ್ಕರಣೆ ಮಾಡಿತ್ತು. ಈಗ ಶೇ.100ರಷ್ಟು ಹೆಚ್ಚಿಸಲಾಗಿದೆ. ಬಿಜೆಪಿ ಸರ್ಕಾರ 2022ರಲ್ಲಿ ಶಾಸಕರ ವೇತನ ಹಾಗೂ ಭತ್ಯೆಯನ್ನು ಹೆಚ್ಚಿಸಿತ್ತು. ಆಗ ಮುಖ್ಯಮಂತ್ರಿಗಳ ತಿಂಗಳ ವೇತನವನ್ನು 50 ಸಾವಿರದಿಂದ 75 ಸಾವಿರಕ್ಕೆ ಹೆಚ್ಚಿಸಲಾಗಿತ್ತು. ಪ್ರತಿ 5 ವರ್ಷಗಳಿಗೊಮ್ಮೆ ವೇತನ ಪರಿಷ್ಕರಣೆ ಮಾಡುವ ನಿಯಮ ಇದ್ದು, ಆದರೆ 2 ವರ್ಷ ಪೂರ್ಣಗೊಳ್ಳುವ ಮೊದಲೇ ಶಾಸಕರ ವೇತನ ಹೆಚ್ಚಳಕ್ಕೆ ಕ್ರಮ ಕೈಗೊಳ್ಳಲಾಗಿದೆ.
ಸದನದಲ್ಲಿ ಪುಟ್ಟಣ್ಣರಿಂದ ಅಸಂವಿಧಾನಿಕ ಪದ ಬಳಕೆ | ಸದನದಲ್ಲಿ ಭಾರೀ ಗದ್ದಲ | ಮಾತಿನ ಚಕಮಕಿ
ಸದನ ಬಾವಿಗಿಳಿದು ಹೋರಾಟ ನಡೆಸಿದ ಜೆಡಿಎಸ್, ಬಿಜೆಪಿ

ವಿಧಾನಪರಿಷತ್ತು: ಮುಖ್ಯಮಂತ್ರಿ ಸಿದ್ದರಾಮಯ್ಯ ಅವರ ಉತ್ತರದ ವೇಳೆ ಬಿಜೆಪಿ ಸದಸ್ಯರ ಹೇಳಿಕೆಗೆ ಕಾಂಗ್ರೆಸ್ ಸದಸ್ಯ ಪುಟ್ಟಣ್ಣ ಅಸಂವಿಧಾನಿಕ ಪದ ಬಳಸಿ ಪ್ರತಿಕ್ರಿಯಿಸಿದ್ದರಿಂದ ಕೆರಳಿದ ಬಿಜೆಪಿ ಹಾಗೂ ಜೆಡಿಎಸ್ ಸದಸ್ಯರು ಸದನದ ಬಾವಿಗಿಳಿದು ಪ್ರತಿಭಟನೆ ನಡೆಸಿದರು. ಬಜೆಟ್ ಮೇಲಿನ ಚರ್ಚೆಗೆ ಉತ್ತರ ನೀಡುತ್ತಿದ್ದ ಸಂದರ್ಭದಲ್ಲಿ ಕಾಂಗ್ರೆಸ್ ಸದಸ್ಯ ಪುಟ್ಟಣ್ಣ ಅವರು ಪದ ಬಳಕೆಗೆ ಆಕ್ಷೇಪ ವ್ಯಕ್ತಪಡಿಸಿದರು. ಪ್ರತಿಪಕ್ಷ ನಾಯಕ ಛಲವಾದಿ ನಾರಾಯಣಸ್ವಾಮಿ ಸೇರಿ ಅನೇಕ ಸದಸ್ಯರು ಸದನದಲ್ಲಿ ಘೋಷಣೆ ಕೂಗಿದರು. ಸಭಾಪತಿ ಹೊರಟ್ಟಿ ಅವರು ಸದಸ್ಯರನ್ನು ಸಮಾಧಾನಪಡಿಸಲು ಪ್ರಯತ್ನಿಸಿದರು. ಪುಟ್ಟಣ್ಣ ಅವರ ಹೇಳಿಕೆಯನ್ನು ಕಡತದಿಂದ ತೆಗೆಯಬೇಕು ಎಂದು ಆಗ್ರಹಿಸಿದರು. ಸದನವನ್ನು ಕೆಲಕಾಲ ಮುಂದೂಡಲಾಯಿತು.

ಬಿಜೆಪಿಯವರ ಮೇಲೆ ಆರೋಪ ಹೊರಿಸುತ್ತಿದ್ದಾಗ ಪುಟ್ಟಣ್ಣ ಅವರು ಪದಬಳಕೆ ಮಾಡಿದರು. ಇದಕ್ಕೆ ಜೆಡಿಎಸ್ ಸದಸ್ಯರು ಆಕ್ಷೇಪ ವ್ಯಕ್ತಪಡಿಸಿದರು. ಕಾಂಗ್ರೆಸ್ ಸದಸ್ಯ ಪುಟ್ಟಣ್ಣ ಎದ್ದು ನಿಂತು ನೀವು ಹೇಳಿದ್ದು ಸರಿಯಲ್ಲ ಎಂದರು.
ಪ್ರತಿಭಟನೆ ಕೈಬಿಟ್ಟ ವಿಪಕ್ಷಗಳು
ನಾನು ಆ ರೀತಿ ಮಾತನಾಡಿಲ್ಲ ಎಂದು ಪುಟ್ಟಣ್ಣ ಸಮಜಾಯಿಷಿ ನೀಡಿದರು. ಇದಕ್ಕೆ ಒಪ್ಪದ ವಿಪಕ್ಷ ಸದಸ್ಯರು ಪ್ರತಿಭಟನೆ ಮುಂದುವರಿಸಿದರು. ಬಳಿಕ ಸಭಾಪತಿಗಳು ಕಡತ ಪರಿಶೀಲನೆ ಮಾಡಿ ಅಸಂವಿಧಾನಿಕ ಪದ ಇದ್ದರೆ ತೆಗೆದುಹಾಕಲಾಗುವುದು ಎಂದು ಭರವಸೆ ನೀಡಿದ ನಂತರ ಪ್ರತಿಭಟನೆ ಹಿಂಪಡೆದರು. ಇದರಿಂದ ಸದನದಲ್ಲಿ ಕೆಲಕಾಲ ಶಾಂತ ವಾತಾವರಣ ನಿರ್ಮಾಣವಾಯಿತು. ಮುಖ್ಯಮಂತ್ರಿ ಸಿದ್ದರಾಮಯ್ಯ ಉತ್ತರ ಮುಂದುವರಿಸಿದರು.
ಒತ್ತಾಯಿಸಿ ಬಿಜೆಪಿ ಜೆಡಿಎಸ್ ಸದಸ್ಯರು ಸದನದ ಬಾವಿಗಿಳಿದು ಹೋರಾಟ ನಡೆಸಿದರು. ಸಭಾಪತಿ ಹೊರಟ್ಟಿ ಅವರು ನಿಯಮ ಪಾಲಿಸಿ ಕಲಾಪ ಮುಂದುವರಿಸಲು ಸಹಕರಿಸಿ ಎಂದರು. ಮತ್ತೆ ಸದನ ಸೇರಿದಾಗಲೂ ಪರಿಸ್ಥಿತಿ ತಿಳಿಯಾಗಲಿಲ್ಲ.
ಅವರನ್ನು ಸದನದಲ್ಲಿ ಉಳಿಸಿಕೊಳ್ಳಬೇಕು ಎನ್ನುವ ಕುರಿತು ಚರ್ಚೆ ನಡೆಯಿತು. ಪುಟ್ಟಣ್ಣ ಅವರು ವಿಷಾದ ವ್ಯಕ್ತಪಡಿಸಿದ ಬಳಿಕ ಪ್ರತಿಭಟನೆ ಹಿಂಪಡೆಯಲಾಯಿತು. ಮತ್ತೆ ಸದನ ಕಲಾಪ ಆರಂಭವಾಯಿತು. ಬಳಿಕ ಮುಖ್ಯಮಂತ್ರಿ ಉತ್ತರ ಮುಂದುವರಿಸಿದರು.
ಎಸ್ಸೆಸ್ಸೆಲ್ಸಿ ವಿದ್ಯಾರ್ಥಿಗಳಿಗೆ ಶುಭ ಹಾರೈಕೆ

ವಿಧಾನಸಭೆ: ಎಸ್‌ಎಸ್‌ಎಲ್‌ಸಿ ಪರೀಕ್ಷೆಗಳು ಶುಕ್ರವಾರದಿಂದ ಪ್ರಾರಂಭವಾಗಿದ್ದು ವಿದ್ಯಾರ್ಥಿಗಳಿಗೆ ಮುಖ್ಯಮಂತ್ರಿ ಸಿದ್ದರಾಮಯ್ಯ ಸೇರಿ ಸದನದ ಸದಸ್ಯರು ಶುಭ ಹಾರೈಸಿದರು. ಬಿಜೆಪಿ ಸದಸ್ಯ ಎಸ್.ಸುರೇಶ್ ಕುಮಾರ್ ಅವರು ವಿಷಯ ಪ್ರಸ್ತಾಪಿಸಿ ಪರೀಕ್ಷೆಗೆ ಹಾಜರಾಗುವ ಮಕ್ಕಳಿಗೆ ಶುಭ ಕೋರಿದರು. ಕಲಾಪ ಆರಂಭವಾಗುತ್ತಿದ್ದಂತೆ ವಿಷಯ ಪ್ರಸ್ತಾಪಿಸಿದ ಅವರು, ರಾಜ್ಯದಲ್ಲಿ 8,96,447 ವಿದ್ಯಾರ್ಥಿಗಳು ಪರೀಕ್ಷೆ ಬರೆಯುತ್ತಿದ್ದಾರೆ. 15,881 ಸರ್ಕಾರಿ ಶಾಲೆಗಳ ವಿದ್ಯಾರ್ಥಿಗಳು ಇದ್ದಾರೆ ಎಂದರು. ಯಾವುದೇ ಆತಂಕವಿಲ್ಲದೆ ಪರೀಕ್ಷೆ ಬರೆಯಬೇಕು. ಪೋಷಕರು ವಿದ್ಯಾರ್ಥಿಗಳ ಮೇಲೆ ಒತ್ತಡ ಹೇರಬಾರದು. ಮಕ್ಕಳು ಆತ್ಮವಿಶ್ವಾಸದಿಂದ ಪರೀಕ್ಷೆ ಎದುರಿಸಬೇಕು ಎಂದರು. ಬಳಿಕ ಮಾತನಾಡಿದ ಶಿಕ್ಷಣ ಸಚಿವ ಮಧು ಬಂಗಾರಪ್ಪ ಅವರು ಎಲ್ಲ ವಿದ್ಯಾರ್ಥಿಗಳಿಗೂ ಶುಭ ಕೋರಿದರು. ಈ ಬಗ್ಗೆ ಕ್ರಮ ಕೈಗೊಳ್ಳಲಾಗಿದೆ ಎಂದರು.

ಕೇಂದ್ರಗಳಿಗೆ ಭೇಟಿ ನೀಡುತ್ತೇನೆ ಎಂದು ತಿಳಿಸಿದರು. ಮುಖ್ಯಮಂತ್ರಿಗಳ ಸದಸ್ಯರ ಸಿದ್ದರಾಮಯ್ಯ ಅವರು, ಸುರೇಶ್ ಕುಮಾರ್ ಅವರು ಸರ್ಕಾರಿ ಶಾಲಾ ಮಕ್ಕಳ ಕುರಿತು ಮಾತನಾಡಿದ್ದು ಸ್ವಾಗತಾರ್ಹ. ಎಲ್ಲ ಮಕ್ಕಳಿಗೆ ಶುಭವಾಗಲಿ. ಪರೀಕ್ಷೆ ಭಯ ಬಿಟ್ಟು ಬರೆಯಿರಿ ಎಂದರು. ಸದಸ್ಯರೆಲ್ಲರೂ ಮೇಜು ತಟ್ಟಿ ಶುಭ ಕೋರಿದರು.
